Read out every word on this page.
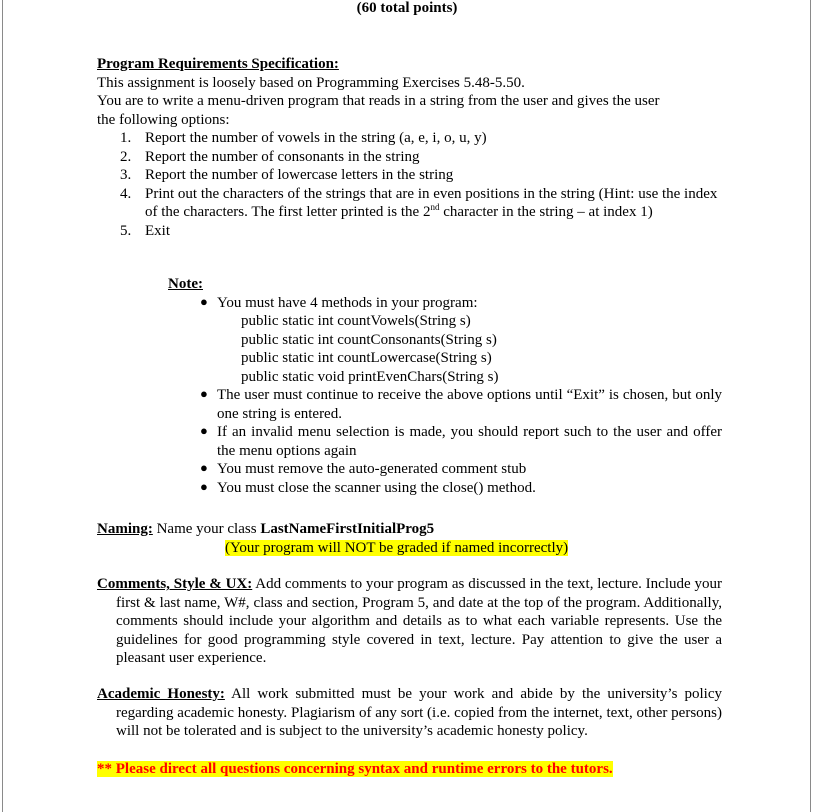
(60 total points)
Program Requirements Specification:
This assignment is loosely based on Programming Exercises 5.48-5.50.
You are to write a menu-driven program that reads in a string from the user and gives the user
the following options:
1. Report the number of vowels in the string (a, e, i, o, u, y)
2. Report the number of consonants in the string
3. Report the number of lowercase letters in the string
4. Print out the characters of the strings that are in even positions in the string (Hint: use the index of the characters. The first letter printed is the 2nd character in the string – at index 1)
5. Exit
Note:
● You must have 4 methods in your program:
public static int countVowels(String s)
public static int countConsonants(String s)
public static int countLowercase(String s)
public static void printEvenChars(String s)
● The user must continue to receive the above options until “Exit” is chosen, but only one string is entered.
● If an invalid menu selection is made, you should report such to the user and offer the menu options again
● You must remove the auto-generated comment stub
● You must close the scanner using the close() method.
Naming: Name your class LastNameFirstInitialProg5
(Your program will NOT be graded if named incorrectly)
Comments, Style & UX: Add comments to your program as discussed in the text, lecture. Include your first & last name, W#, class and section, Program 5, and date at the top of the program. Additionally, comments should include your algorithm and details as to what each variable represents. Use the guidelines for good programming style covered in text, lecture. Pay attention to give the user a pleasant user experience.
Academic Honesty: All work submitted must be your work and abide by the university’s policy regarding academic honesty. Plagiarism of any sort (i.e. copied from the internet, text, other persons) will not be tolerated and is subject to the university’s academic honesty policy.
** Please direct all questions concerning syntax and runtime errors to the tutors.
